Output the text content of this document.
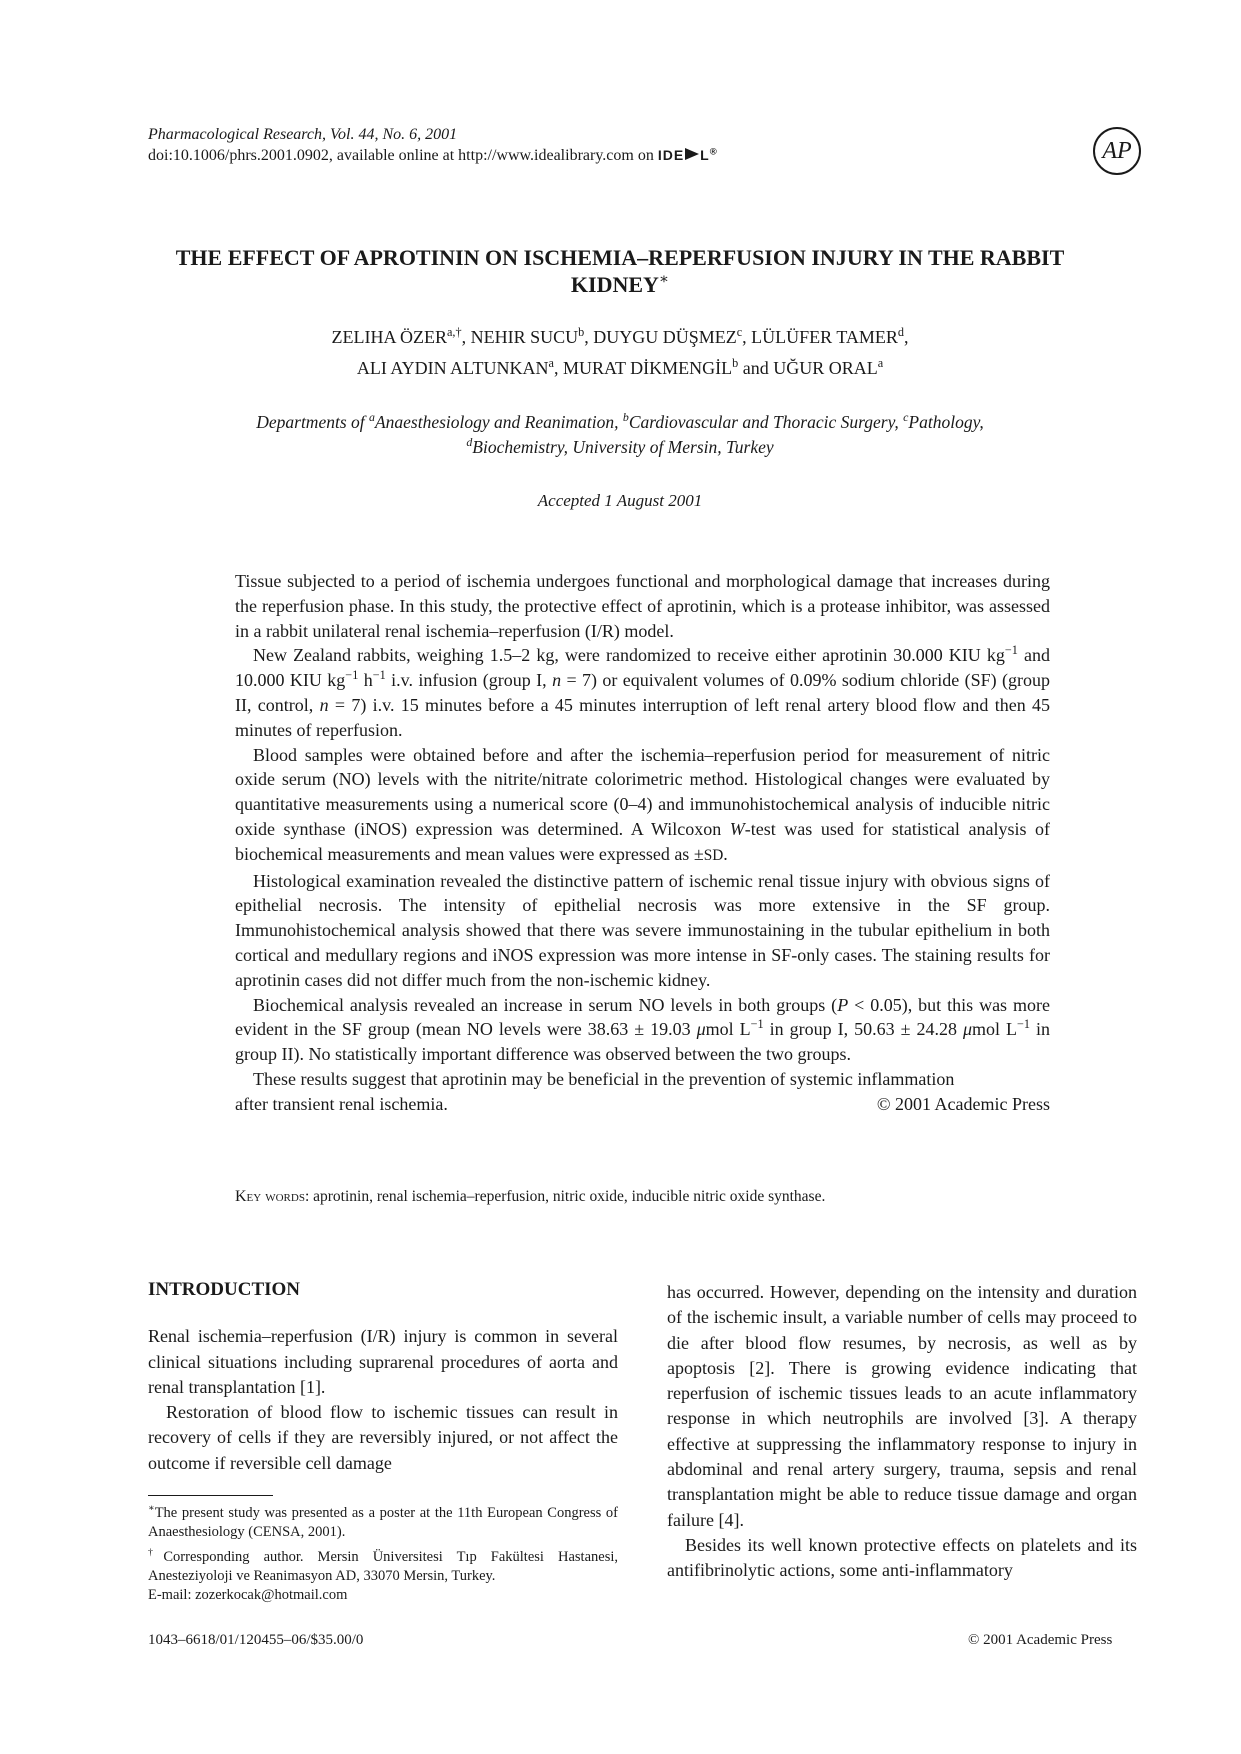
Pharmacological Research, Vol. 44, No. 6, 2001
doi:10.1006/phrs.2001.0902, available online at http://www.idealibrary.com on IDE L®	AP
THE EFFECT OF APROTININ ON ISCHEMIA–REPERFUSION INJURY IN THE RABBIT KIDNEY∗
ZELIHA $ÖZER^{a,\dagger}$, NEHIR SUCU$^b$, DUYGU DÜŞMEZ$^c$, LÜLÜFER TAMER$^d$,
ALI AYDIN ALTUNKAN$^a$, MURAT DİKMENGİL$^b$ and UĞUR ORAL$^a$
Departments of $^a$Anaesthesiology and Reanimation, $^b$Cardiovascular and Thoracic Surgery, $^c$Pathology,
$^d$Biochemistry, University of Mersin, Turkey
Accepted 1 August 2001

Tissue subjected to a period of ischemia undergoes functional and morphological damage that increases during the reperfusion phase. In this study, the protective effect of aprotinin, which is a protease inhibitor, was assessed in a rabbit unilateral renal ischemia–reperfusion (I/R) model.

New Zealand rabbits, weighing 1.5–2 kg, were randomized to receive either aprotinin 30.000 KIU $kg^{-1}$ and 10.000 KIU $kg^{-1}$ $h^{-1}$ i.v. infusion (group I, n = 7) or equivalent volumes of 0.09% sodium chloride (SF) (group II, control, n = 7) i.v. 15 minutes before a 45 minutes interruption of left renal artery blood flow and then 45 minutes of reperfusion.

Blood samples were obtained before and after the ischemia–reperfusion period for measurement of nitric oxide serum (NO) levels with the nitrite/nitrate colorimetric method. Histological changes were evaluated by quantitative measurements using a numerical score (0–4) and immunohistochemical analysis of inducible nitric oxide synthase (iNOS) expression was determined. A Wilcoxon W-test was used for statistical analysis of biochemical measurements and mean values were expressed as ±SD.

Histological examination revealed the distinctive pattern of ischemic renal tissue injury with obvious signs of epithelial necrosis. The intensity of epithelial necrosis was more extensive in the SF group. Immunohistochemical analysis showed that there was severe immunostaining in the tubular epithelium in both cortical and medullary regions and iNOS expression was more intense in SF-only cases. The staining results for aprotinin cases did not differ much from the non-ischemic kidney.

Biochemical analysis revealed an increase in serum NO levels in both groups (P < 0.05), but this was more evident in the SF group (mean NO levels were 38.63 ± 19.03 μmol $L^{-1}$ in group I, 50.63 ± 24.28 μmol $L^{-1}$ in group II). No statistically important difference was observed between the two groups.

These results suggest that aprotinin may be beneficial in the prevention of systemic inflammation

after transient renal ischemia.	© 2001 Academic Press
Key words: aprotinin, renal ischemia–reperfusion, nitric oxide, inducible nitric oxide synthase.

INTRODUCTION

Renal ischemia–reperfusion (I/R) injury is common in several clinical situations including suprarenal procedures of aorta and renal transplantation [1].

Restoration of blood flow to ischemic tissues can result in recovery of cells if they are reversibly injured, or not affect the outcome if reversible cell damage

∗The present study was presented as a poster at the 11th European Congress of Anaesthesiology (CENSA, 2001).

†Corresponding author. Mersin Üniversitesi Tıp Fakültesi Hastanesi, Anesteziyoloji ve Reanimasyon AD, 33070 Mersin, Turkey.

E-mail: zozerkocak@hotmail.com

has occurred. However, depending on the intensity and duration of the ischemic insult, a variable number of cells may proceed to die after blood flow resumes, by necrosis, as well as by apoptosis [2]. There is growing evidence indicating that reperfusion of ischemic tissues leads to an acute inflammatory response in which neutrophils are involved [3]. A therapy effective at suppressing the inflammatory response to injury in abdominal and renal artery surgery, trauma, sepsis and renal transplantation might be able to reduce tissue damage and organ failure [4].

Besides its well known protective effects on platelets and its antifibrinolytic actions, some anti-inflammatory

1043–6618/01/120455–06/$35.00/0	© 2001 Academic Press
